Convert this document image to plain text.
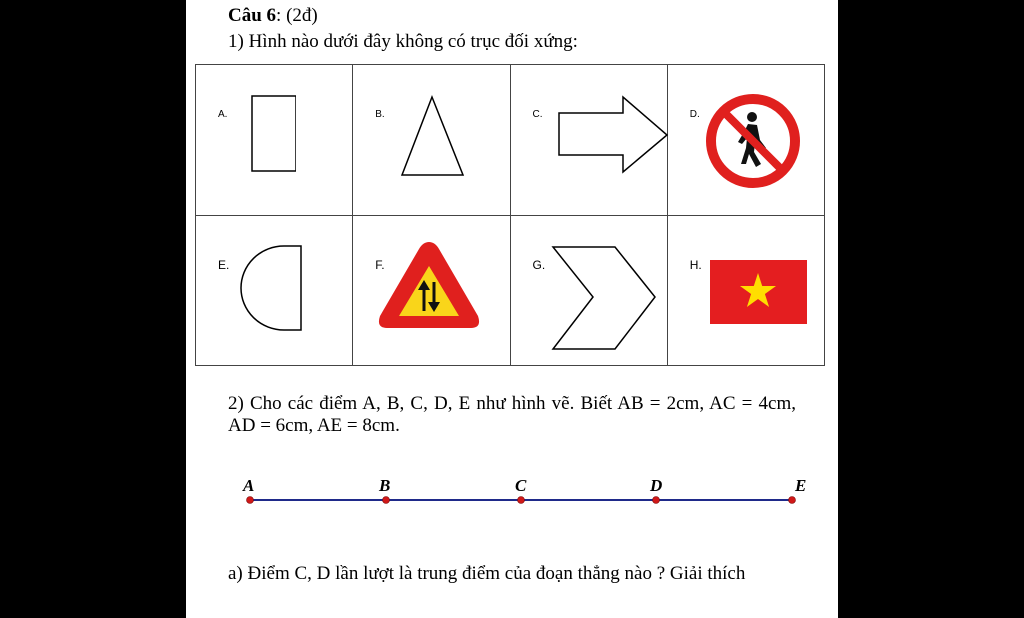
Câu 6: (2đ)
1) Hình nào dưới đây không có trục đối xứng:
A.	B.	C.	D.

E.	F.	G.	H.
2) Cho các điểm A, B, C, D, E như hình vẽ. Biết AB = 2cm, AC = 4cm, AD = 6cm, AE = 8cm.
A	B	C	D	E
a) Điểm C, D lần lượt là trung điểm của đoạn thẳng nào ? Giải thích
